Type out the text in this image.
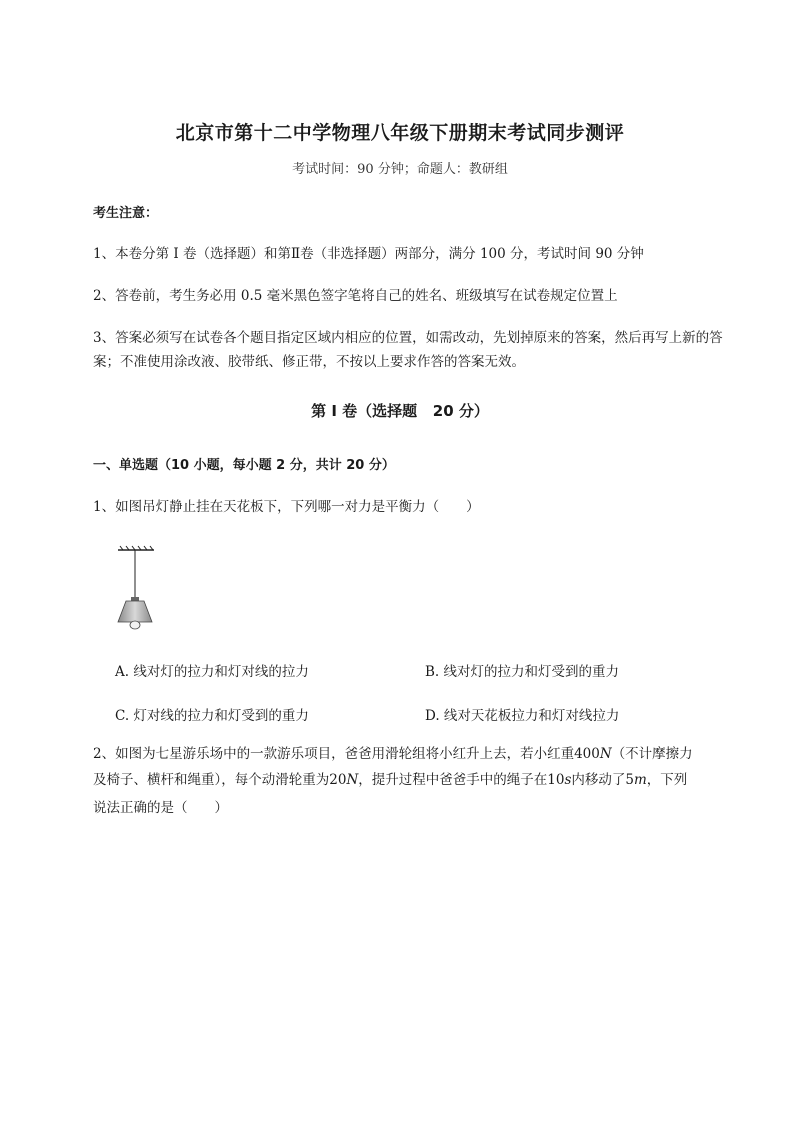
北京市第十二中学物理八年级下册期末考试同步测评
考试时间：90 分钟；命题人：教研组
考生注意：
1、本卷分第 I 卷（选择题）和第Ⅱ卷（非选择题）两部分，满分 100 分，考试时间 90 分钟
2、答卷前，考生务必用 0.5 毫米黑色签字笔将自己的姓名、班级填写在试卷规定位置上
3、答案必须写在试卷各个题目指定区域内相应的位置，如需改动，先划掉原来的答案，然后再写上新的答案；不准使用涂改液、胶带纸、修正带，不按以上要求作答的答案无效。
第 I 卷（选择题   20 分）
一、单选题（10 小题，每小题 2 分，共计 20 分）
1、如图吊灯静止挂在天花板下，下列哪一对力是平衡力（　　）
A. 线对灯的拉力和灯对线的拉力	B. 线对灯的拉力和灯受到的重力
C. 灯对线的拉力和灯受到的重力	D. 线对天花板拉力和灯对线拉力
2、如图为七星游乐场中的一款游乐项目，爸爸用滑轮组将小红升上去，若小红重400N（不计摩擦力
及椅子、横杆和绳重），每个动滑轮重为20N，提升过程中爸爸手中的绳子在10s内移动了5m，下列
说法正确的是（　　）
